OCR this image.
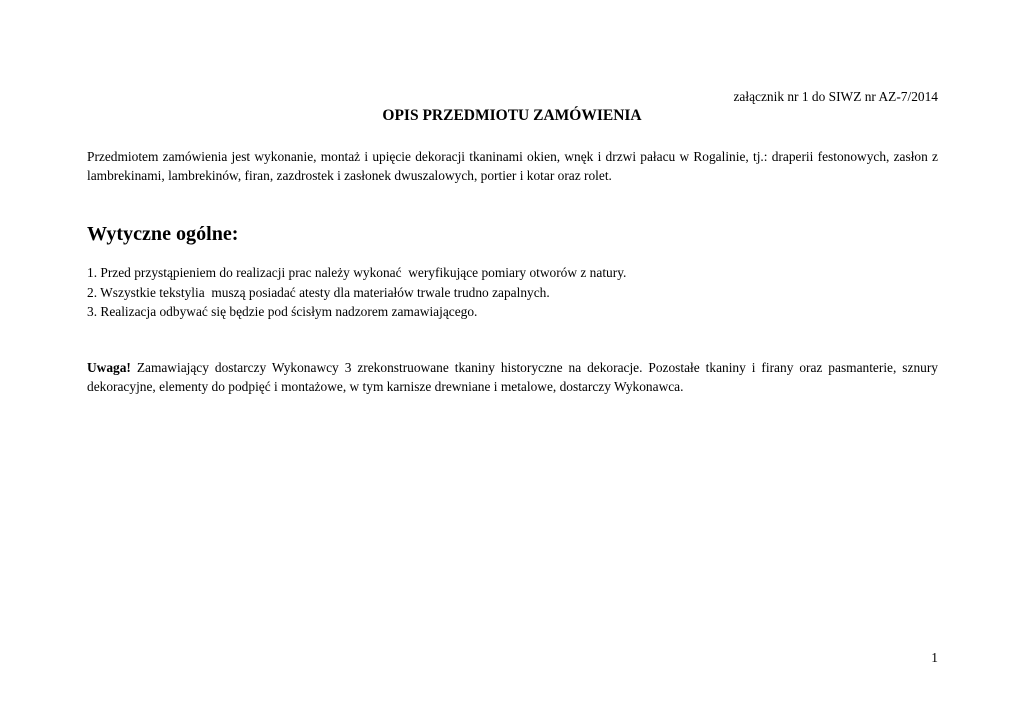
załącznik nr 1 do SIWZ nr AZ-7/2014
OPIS PRZEDMIOTU ZAMÓWIENIA

Przedmiotem zamówienia jest wykonanie, montaż i upięcie dekoracji tkaninami okien, wnęk i drzwi pałacu w Rogalinie, tj.: draperii festonowych, zasłon z lambrekinami, lambrekinów, firan, zazdrostek i zasłonek dwuszalowych, portier i kotar oraz rolet.

Wytyczne ogólne:
1. Przed przystąpieniem do realizacji prac należy wykonać  weryfikujące pomiary otworów z natury.
2. Wszystkie tekstylia  muszą posiadać atesty dla materiałów trwale trudno zapalnych.
3. Realizacja odbywać się będzie pod ścisłym nadzorem zamawiającego.

Uwaga! Zamawiający dostarczy Wykonawcy 3 zrekonstruowane tkaniny historyczne na dekoracje. Pozostałe tkaniny i firany oraz pasmanterie, sznury dekoracyjne, elementy do podpięć i montażowe, w tym karnisze drewniane i metalowe, dostarczy Wykonawca.

1
